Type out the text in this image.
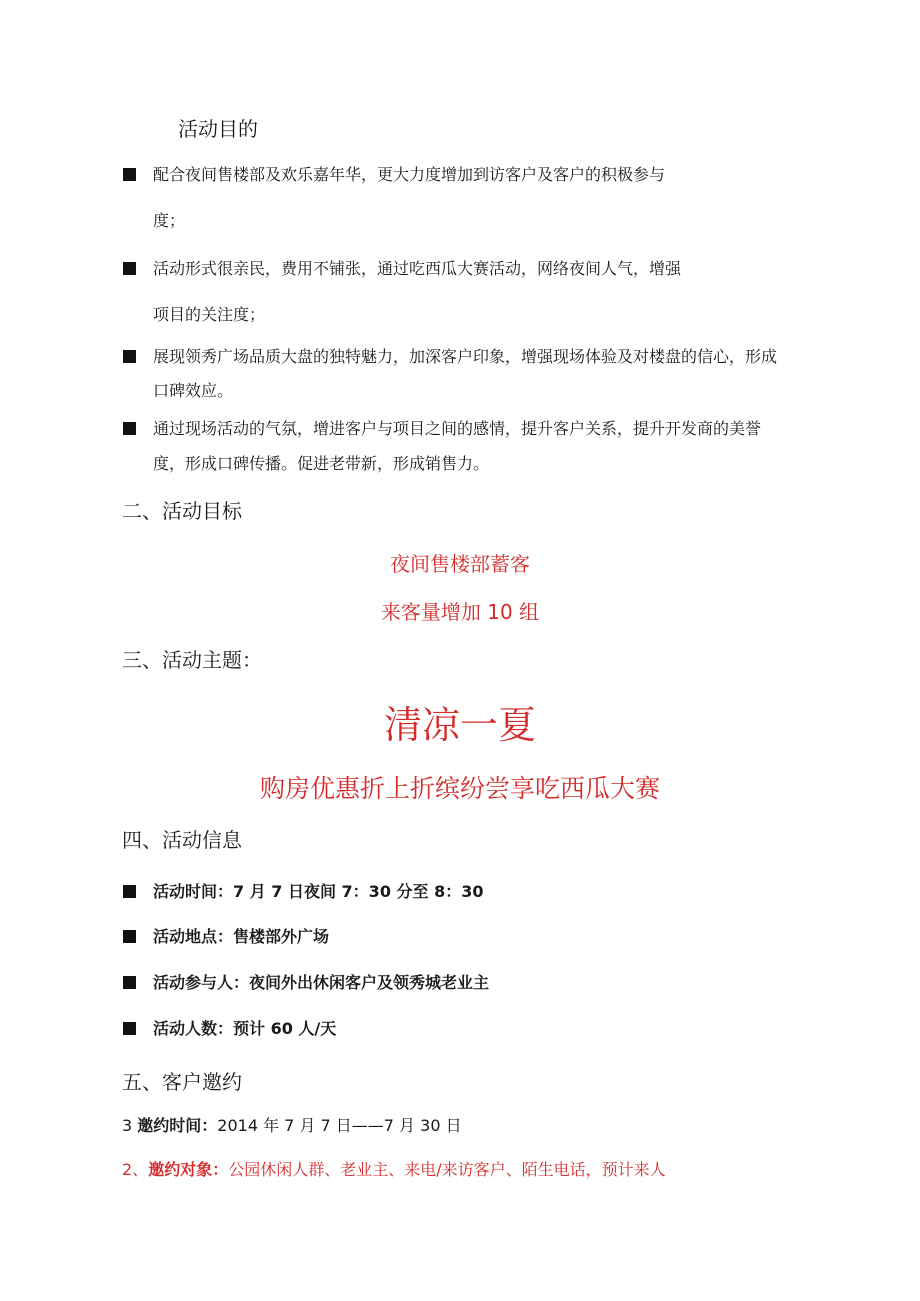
活动目的
配合夜间售楼部及欢乐嘉年华，更大力度增加到访客户及客户的积极参与
度；
活动形式很亲民，费用不铺张，通过吃西瓜大赛活动，网络夜间人气，增强
项目的关注度；
展现领秀广场品质大盘的独特魅力，加深客户印象，增强现场体验及对楼盘的信心，形成
口碑效应。
通过现场活动的气氛，增进客户与项目之间的感情，提升客户关系，提升开发商的美誉
度，形成口碑传播。促进老带新，形成销售力。
二、活动目标
夜间售楼部蓄客
来客量增加 10 组
三、活动主题：
清凉一夏
购房优惠折上折缤纷尝享吃西瓜大赛
四、活动信息
活动时间：7 月 7 日夜间 7：30 分至 8：30
活动地点：售楼部外广场
活动参与人：夜间外出休闲客户及领秀城老业主
活动人数：预计 60 人/天
五、客户邀约
3 邀约时间：2014 年 7 月 7 日——7 月 30 日
2、邀约对象：公园休闲人群、老业主、来电/来访客户、陌生电话，预计来人
